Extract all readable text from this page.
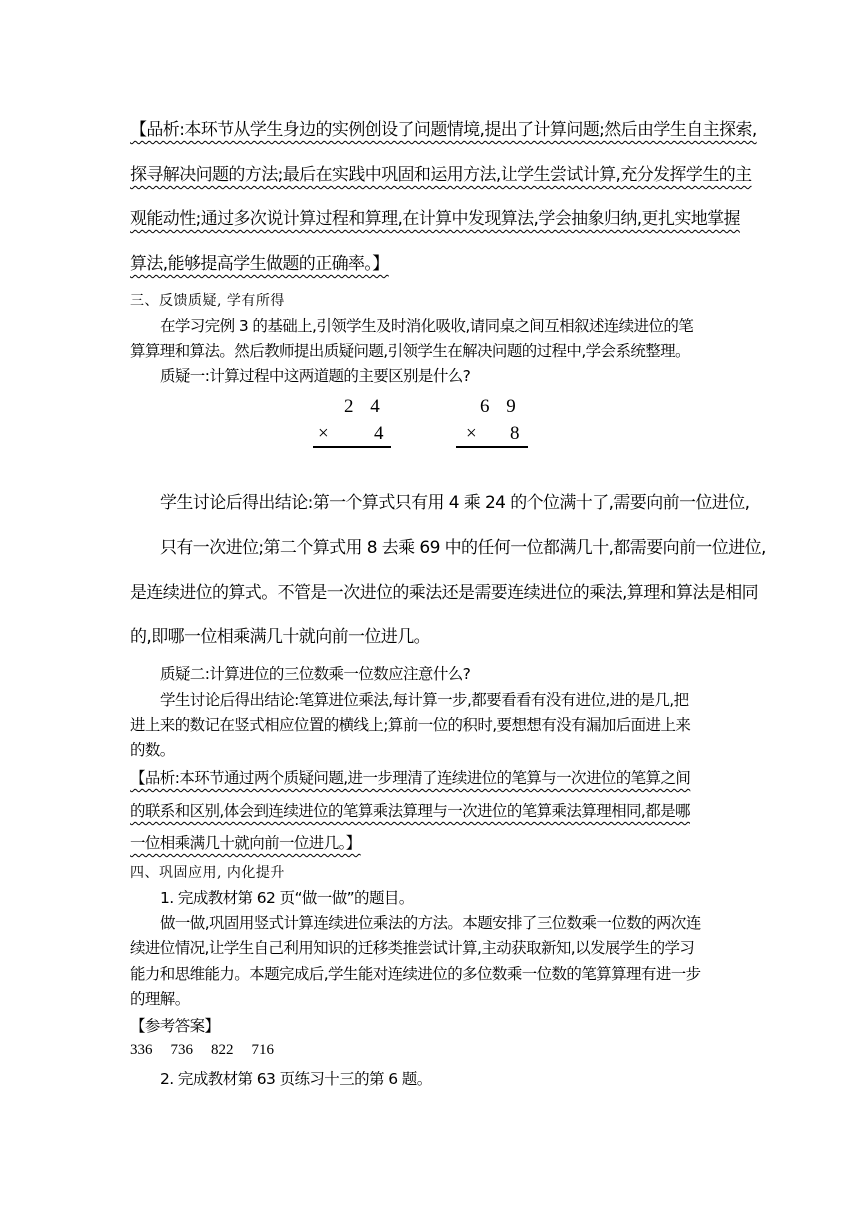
【品析:本环节从学生身边的实例创设了问题情境,提出了计算问题;然后由学生自主探索,
探寻解决问题的方法;最后在实践中巩固和运用方法,让学生尝试计算,充分发挥学生的主
观能动性;通过多次说计算过程和算理,在计算中发现算法,学会抽象归纳,更扎实地掌握
算法,能够提高学生做题的正确率。】
三、反馈质疑, 学有所得
在学习完例 3 的基础上,引领学生及时消化吸收,请同桌之间互相叙述连续进位的笔
算算理和算法。然后教师提出质疑问题,引领学生在解决问题的过程中,学会系统整理。
质疑一:计算过程中这两道题的主要区别是什么?
2 4
× 4
6 9
× 8
学生讨论后得出结论:第一个算式只有用 4 乘 24 的个位满十了,需要向前一位进位,
只有一次进位;第二个算式用 8 去乘 69 中的任何一位都满几十,都需要向前一位进位,
是连续进位的算式。不管是一次进位的乘法还是需要连续进位的乘法,算理和算法是相同
的,即哪一位相乘满几十就向前一位进几。
质疑二:计算进位的三位数乘一位数应注意什么?
学生讨论后得出结论:笔算进位乘法,每计算一步,都要看看有没有进位,进的是几,把
进上来的数记在竖式相应位置的横线上;算前一位的积时,要想想有没有漏加后面进上来
的数。
【品析:本环节通过两个质疑问题,进一步理清了连续进位的笔算与一次进位的笔算之间
的联系和区别,体会到连续进位的笔算乘法算理与一次进位的笔算乘法算理相同,都是哪
一位相乘满几十就向前一位进几。】
四、巩固应用, 内化提升
1. 完成教材第 62 页“做一做”的题目。
做一做,巩固用竖式计算连续进位乘法的方法。本题安排了三位数乘一位数的两次连
续进位情况,让学生自己利用知识的迁移类推尝试计算,主动获取新知,以发展学生的学习
能力和思维能力。本题完成后,学生能对连续进位的多位数乘一位数的笔算算理有进一步
的理解。
【参考答案】
336 736 822 716
2. 完成教材第 63 页练习十三的第 6 题。
